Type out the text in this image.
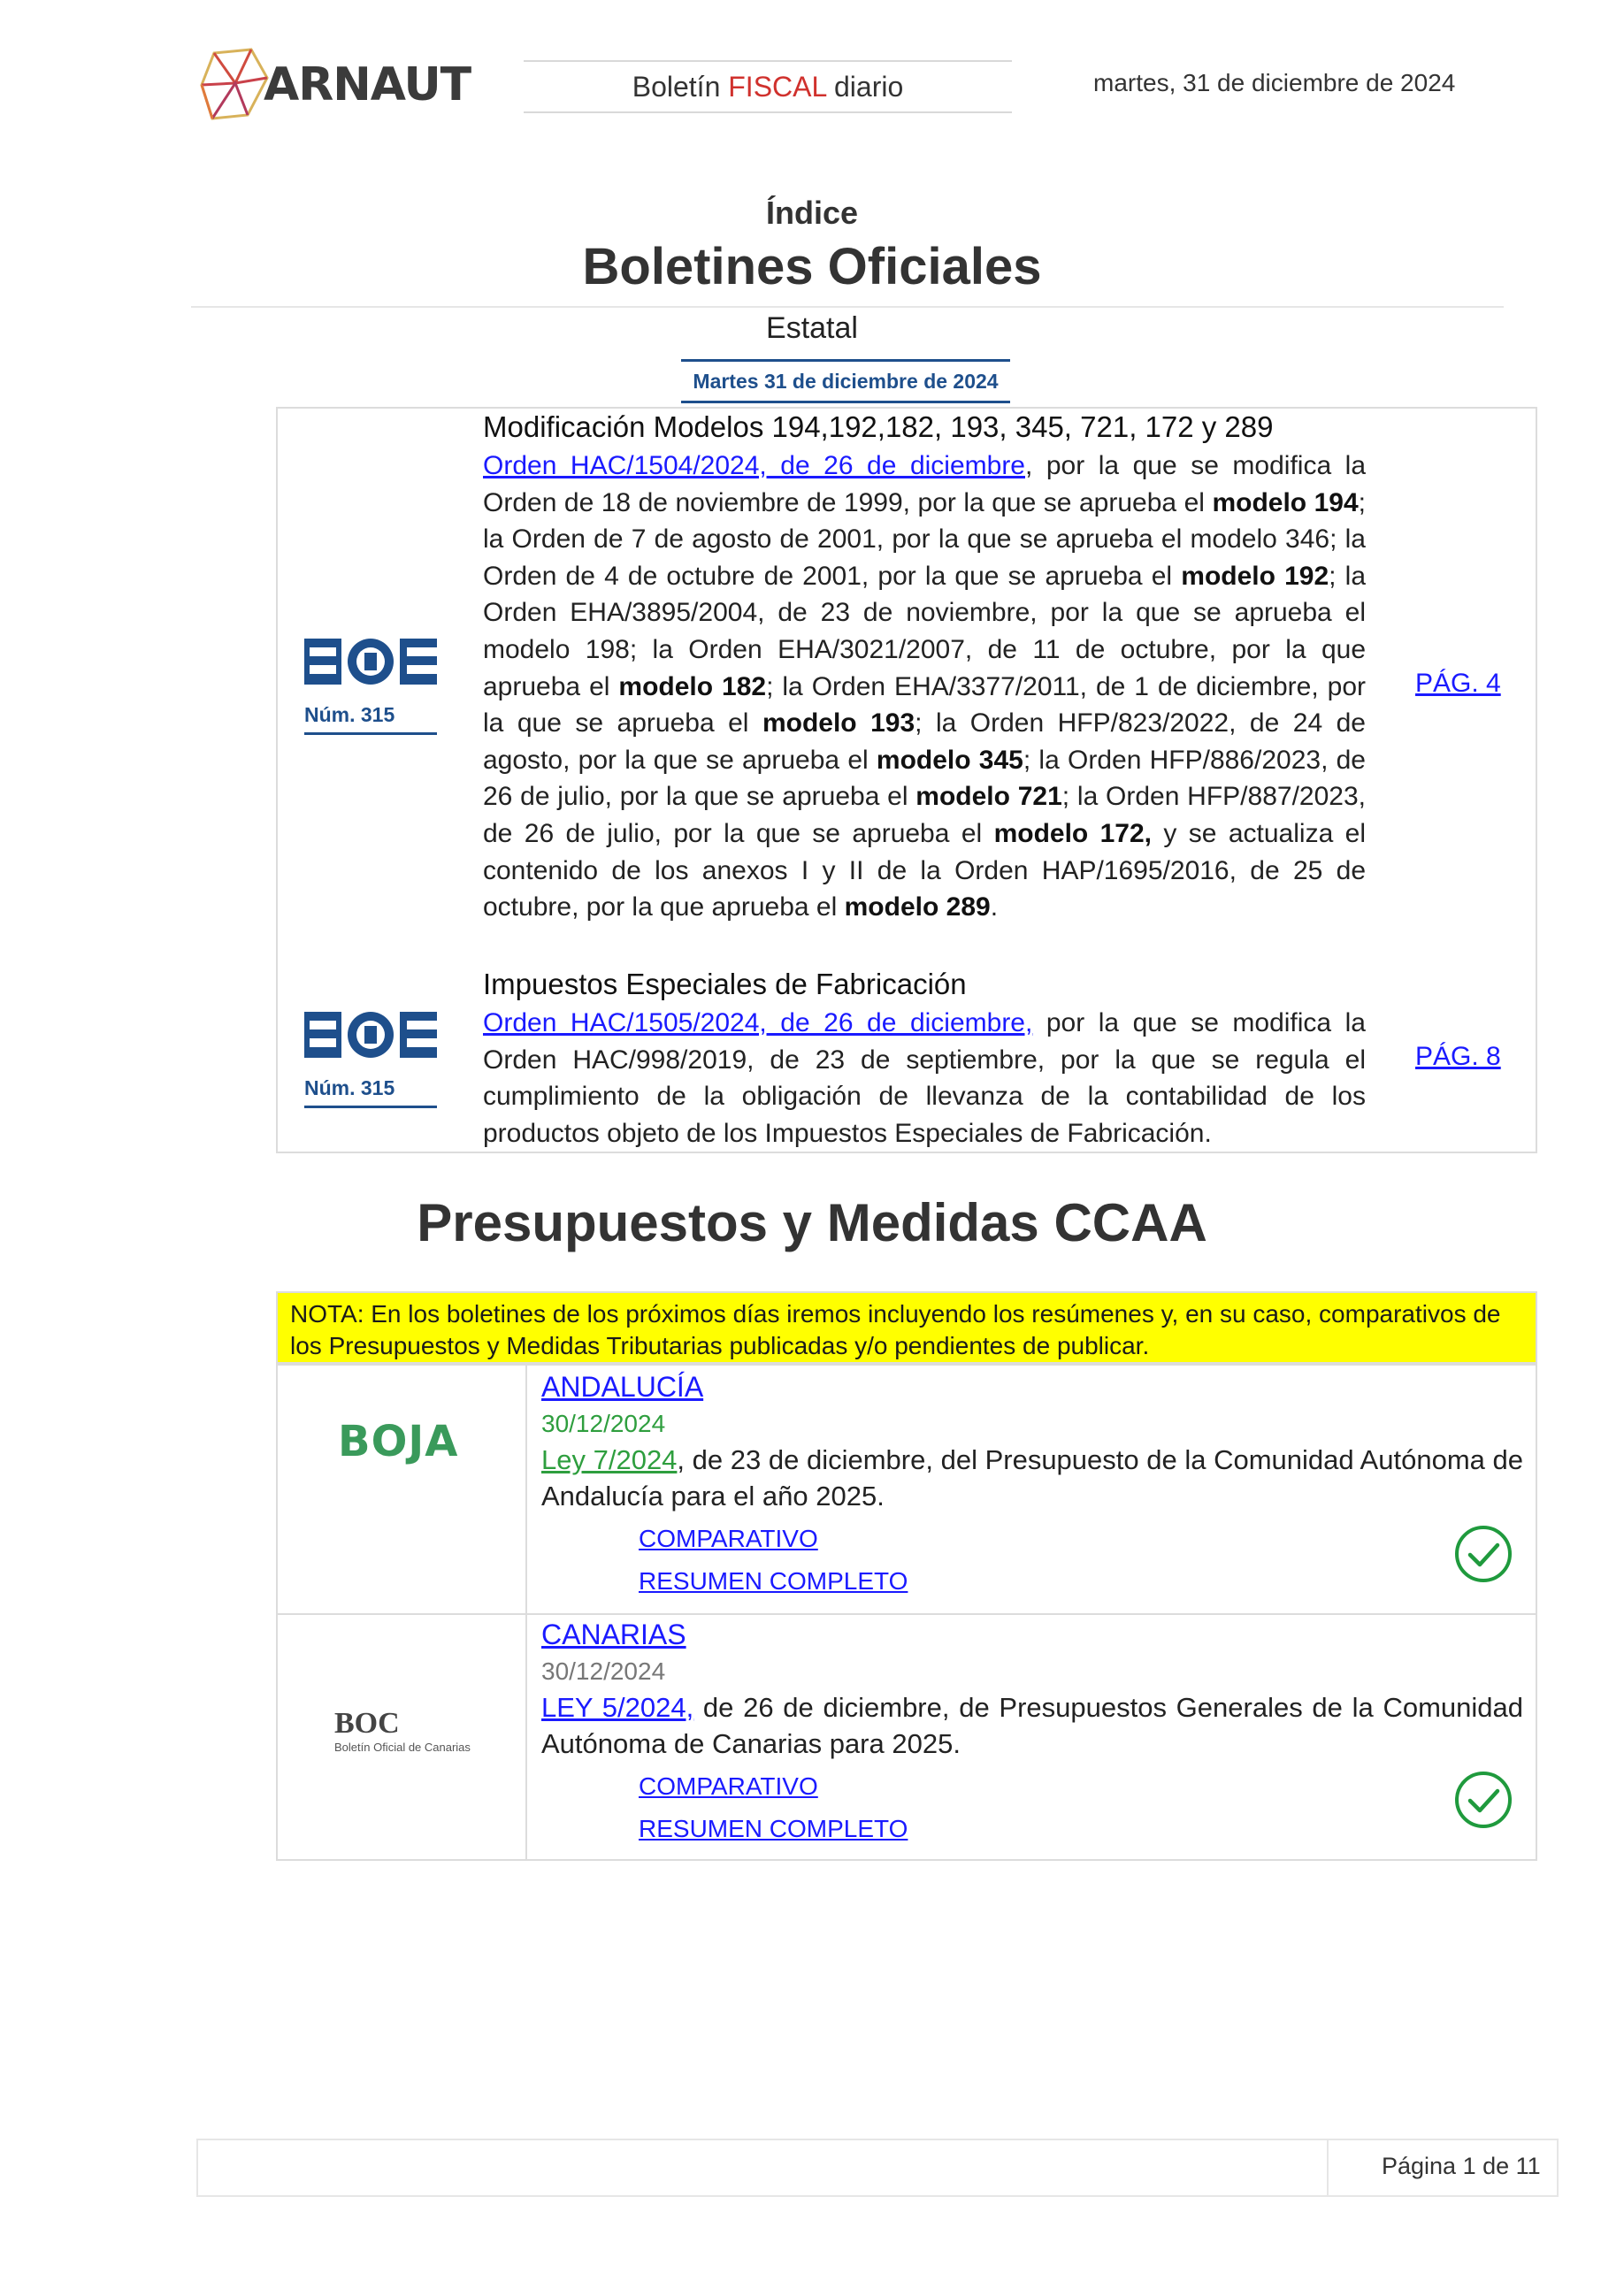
ARNAUT	Boletín FISCAL diario	martes, 31 de diciembre de 2024
Índice
Boletines Oficiales
Estatal
Martes 31 de diciembre de 2024
Núm. 315
Modificación Modelos 194,192,182, 193, 345, 721, 172 y 289
Orden HAC/1504/2024, de 26 de diciembre, por la que se modifica la Orden de 18 de noviembre de 1999, por la que se aprueba el modelo 194; la Orden de 7 de agosto de 2001, por la que se aprueba el modelo 346; la Orden de 4 de octubre de 2001, por la que se aprueba el modelo 192; la Orden EHA/3895/2004, de 23 de noviembre, por la que se aprueba el modelo 198; la Orden EHA/3021/2007, de 11 de octubre, por la que aprueba el modelo 182; la Orden EHA/3377/2011, de 1 de diciembre, por la que se aprueba el modelo 193; la Orden HFP/823/2022, de 24 de agosto, por la que se aprueba el modelo 345; la Orden HFP/886/2023, de 26 de julio, por la que se aprueba el modelo 721; la Orden HFP/887/2023, de 26 de julio, por la que se aprueba el modelo 172, y se actualiza el contenido de los anexos I y II de la Orden HAP/1695/2016, de 25 de octubre, por la que aprueba el modelo 289.
PÁG. 4
Núm. 315
Impuestos Especiales de Fabricación
Orden HAC/1505/2024, de 26 de diciembre, por la que se modifica la Orden HAC/998/2019, de 23 de septiembre, por la que se regula el cumplimiento de la obligación de llevanza de la contabilidad de los productos objeto de los Impuestos Especiales de Fabricación.
PÁG. 8
Presupuestos y Medidas CCAA
NOTA: En los boletines de los próximos días iremos incluyendo los resúmenes y, en su caso, comparativos de los Presupuestos y Medidas Tributarias publicadas y/o pendientes de publicar.
BOJA
ANDALUCÍA
30/12/2024
Ley 7/2024, de 23 de diciembre, del Presupuesto de la Comunidad Autónoma de Andalucía para el año 2025.
COMPARATIVO
RESUMEN COMPLETO
BOC
Boletín Oficial de Canarias
CANARIAS
30/12/2024
LEY 5/2024, de 26 de diciembre, de Presupuestos Generales de la Comunidad Autónoma de Canarias para 2025.
COMPARATIVO
RESUMEN COMPLETO
Página 1 de 11
